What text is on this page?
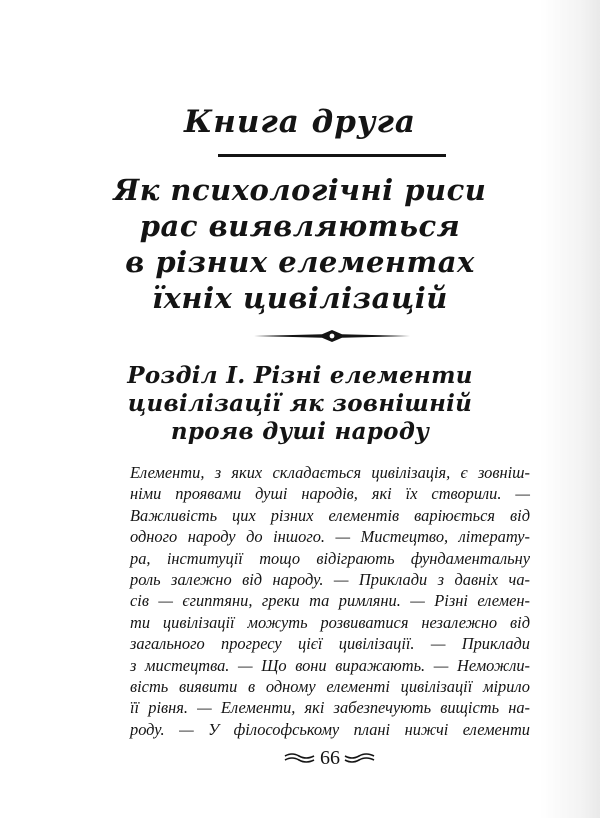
Книга друга
Як психологічні риси
рас виявляються
в різних елементах
їхніх цивілізацій
Розділ I. Різні елементи
цивілізації як зовнішній
прояв душі народу
Елементи, з яких складається цивілізація, є зовніш-
німи проявами душі народів, які їх створили. —
Важливість цих різних елементів варіюється від
одного народу до іншого. — Мистецтво, літерату-
ра, інституції тощо відіграють фундаментальну
роль залежно від народу. — Приклади з давніх ча-
сів — єгиптяни, греки та римляни. — Різні елемен-
ти цивілізації можуть розвиватися незалежно від
загального прогресу цієї цивілізації. — Приклади
з мистецтва. — Що вони виражають. — Неможли-
вість виявити в одному елементі цивілізації мірило
її рівня. — Елементи, які забезпечують вищість на-
роду. — У філософському плані нижчі елементи
66
